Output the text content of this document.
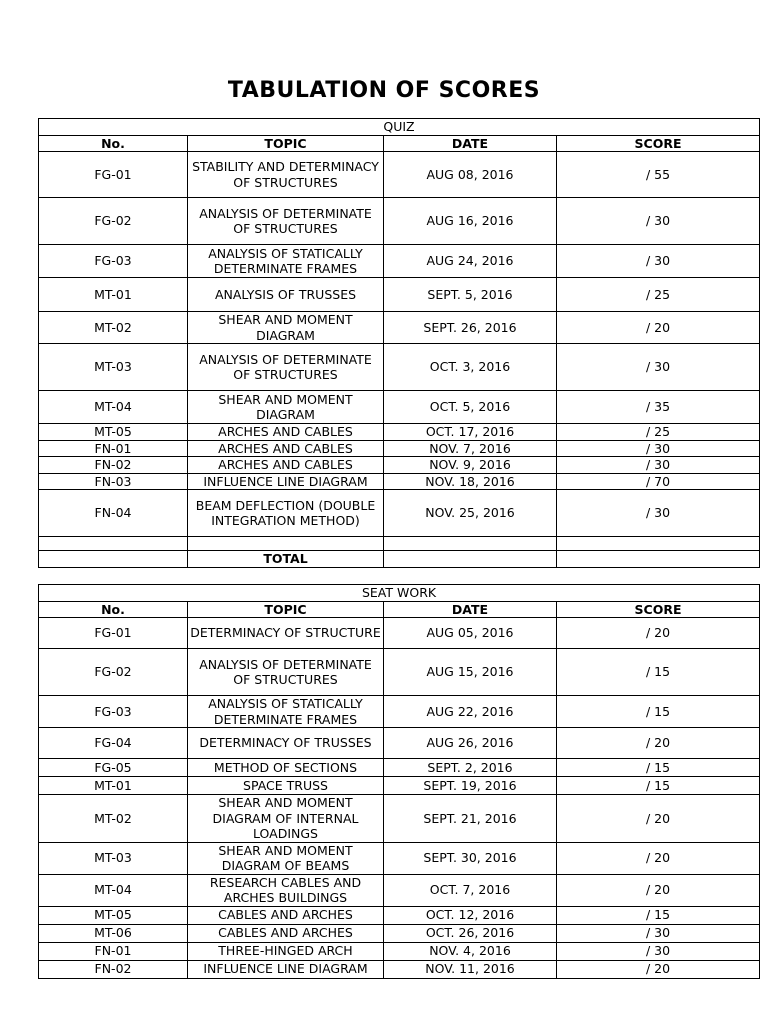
TABULATION OF SCORES
QUIZ			
No.	TOPIC	DATE	SCORE
FG-01	STABILITY AND DETERMINACY OF STRUCTURES	AUG 08, 2016	/ 55
FG-02	ANALYSIS OF DETERMINATE OF STRUCTURES	AUG 16, 2016	/ 30
FG-03	ANALYSIS OF STATICALLY DETERMINATE FRAMES	AUG 24, 2016	/ 30
MT-01	ANALYSIS OF TRUSSES	SEPT. 5, 2016	/ 25
MT-02	SHEAR AND MOMENT DIAGRAM	SEPT. 26, 2016	/ 20
MT-03	ANALYSIS OF DETERMINATE OF STRUCTURES	OCT. 3, 2016	/ 30
MT-04	SHEAR AND MOMENT DIAGRAM	OCT. 5, 2016	/ 35
MT-05	ARCHES AND CABLES	OCT. 17, 2016	/ 25
FN-01	ARCHES AND CABLES	NOV. 7, 2016	/ 30
FN-02	ARCHES AND CABLES	NOV. 9, 2016	/ 30
FN-03	INFLUENCE LINE DIAGRAM	NOV. 18, 2016	/ 70
FN-04	BEAM DEFLECTION (DOUBLE INTEGRATION METHOD)	NOV. 25, 2016	/ 30

	TOTAL		
SEAT WORK			
No.	TOPIC	DATE	SCORE
FG-01	DETERMINACY OF STRUCTURE	AUG 05, 2016	/ 20
FG-02	ANALYSIS OF DETERMINATE OF STRUCTURES	AUG 15, 2016	/ 15
FG-03	ANALYSIS OF STATICALLY DETERMINATE FRAMES	AUG 22, 2016	/ 15
FG-04	DETERMINACY OF TRUSSES	AUG 26, 2016	/ 20
FG-05	METHOD OF SECTIONS	SEPT. 2, 2016	/ 15
MT-01	SPACE TRUSS	SEPT. 19, 2016	/ 15
MT-02	SHEAR AND MOMENT DIAGRAM OF INTERNAL LOADINGS	SEPT. 21, 2016	/ 20
MT-03	SHEAR AND MOMENT DIAGRAM OF BEAMS	SEPT. 30, 2016	/ 20
MT-04	RESEARCH CABLES AND ARCHES BUILDINGS	OCT. 7, 2016	/ 20
MT-05	CABLES AND ARCHES	OCT. 12, 2016	/ 15
MT-06	CABLES AND ARCHES	OCT. 26, 2016	/ 30
FN-01	THREE-HINGED ARCH	NOV. 4, 2016	/ 30
FN-02	INFLUENCE LINE DIAGRAM	NOV. 11, 2016	/ 20
